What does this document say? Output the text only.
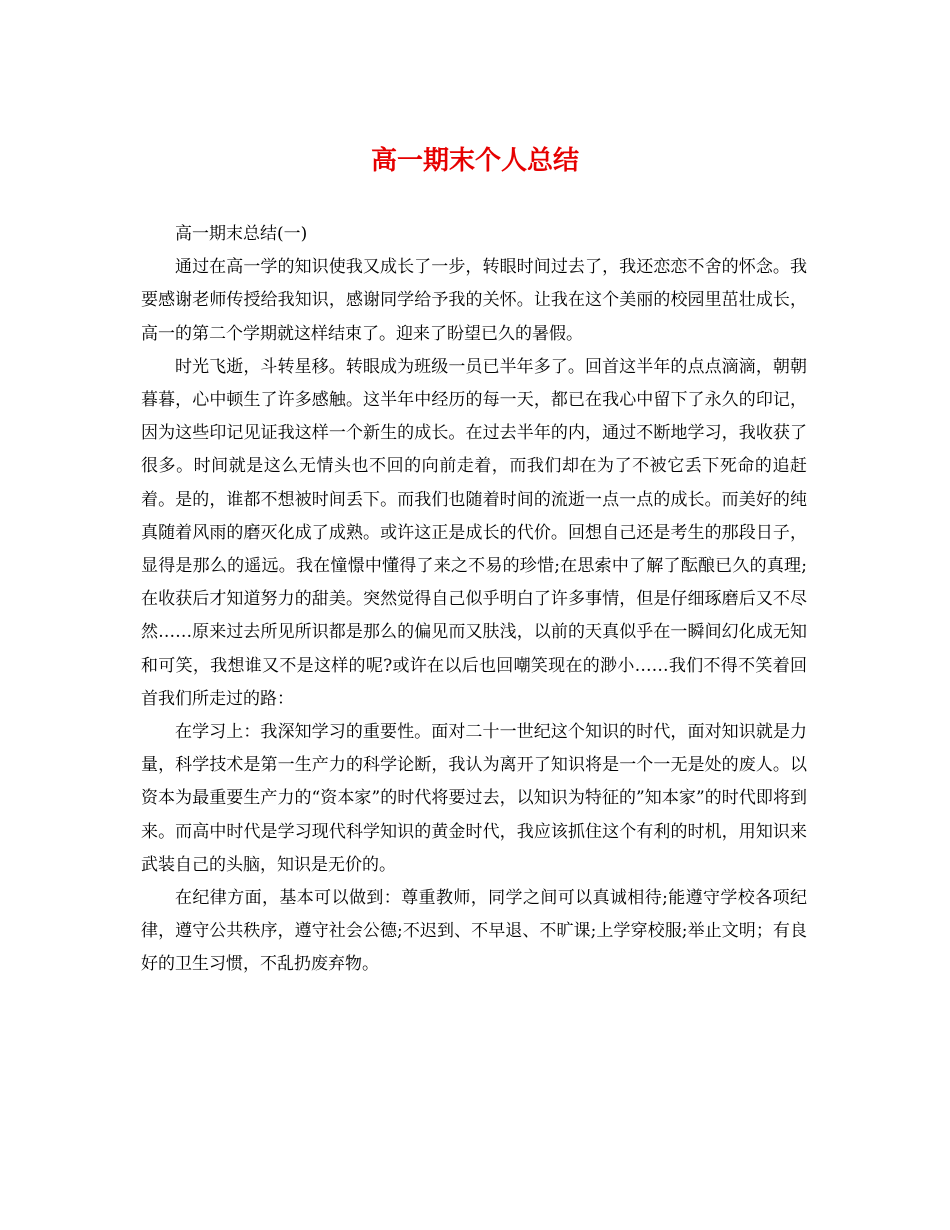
高一期末个人总结

高一期末总结(一)

通过在高一学的知识使我又成长了一步，转眼时间过去了，我还恋恋不舍的怀念。我要感谢老师传授给我知识，感谢同学给予我的关怀。让我在这个美丽的校园里茁壮成长，高一的第二个学期就这样结束了。迎来了盼望已久的暑假。

时光飞逝，斗转星移。转眼成为班级一员已半年多了。回首这半年的点点滴滴，朝朝暮暮，心中顿生了许多感触。这半年中经历的每一天，都已在我心中留下了永久的印记，因为这些印记见证我这样一个新生的成长。在过去半年的内，通过不断地学习，我收获了很多。时间就是这么无情头也不回的向前走着，而我们却在为了不被它丢下死命的追赶着。是的，谁都不想被时间丢下。而我们也随着时间的流逝一点一点的成长。而美好的纯真随着风雨的磨灭化成了成熟。或许这正是成长的代价。回想自己还是考生的那段日子，显得是那么的遥远。我在憧憬中懂得了来之不易的珍惜;在思索中了解了酝酿已久的真理;在收获后才知道努力的甜美。突然觉得自己似乎明白了许多事情，但是仔细琢磨后又不尽然……原来过去所见所识都是那么的偏见而又肤浅，以前的天真似乎在一瞬间幻化成无知和可笑，我想谁又不是这样的呢?或许在以后也回嘲笑现在的渺小……我们不得不笑着回首我们所走过的路：

在学习上：我深知学习的重要性。面对二十一世纪这个知识的时代，面对知识就是力量，科学技术是第一生产力的科学论断，我认为离开了知识将是一个一无是处的废人。以资本为最重要生产力的“资本家”的时代将要过去，以知识为特征的”知本家”的时代即将到来。而高中时代是学习现代科学知识的黄金时代，我应该抓住这个有利的时机，用知识来武装自己的头脑，知识是无价的。

在纪律方面，基本可以做到：尊重教师，同学之间可以真诚相待;能遵守学校各项纪律，遵守公共秩序，遵守社会公德;不迟到、不早退、不旷课;上学穿校服;举止文明；有良好的卫生习惯，不乱扔废弃物。
